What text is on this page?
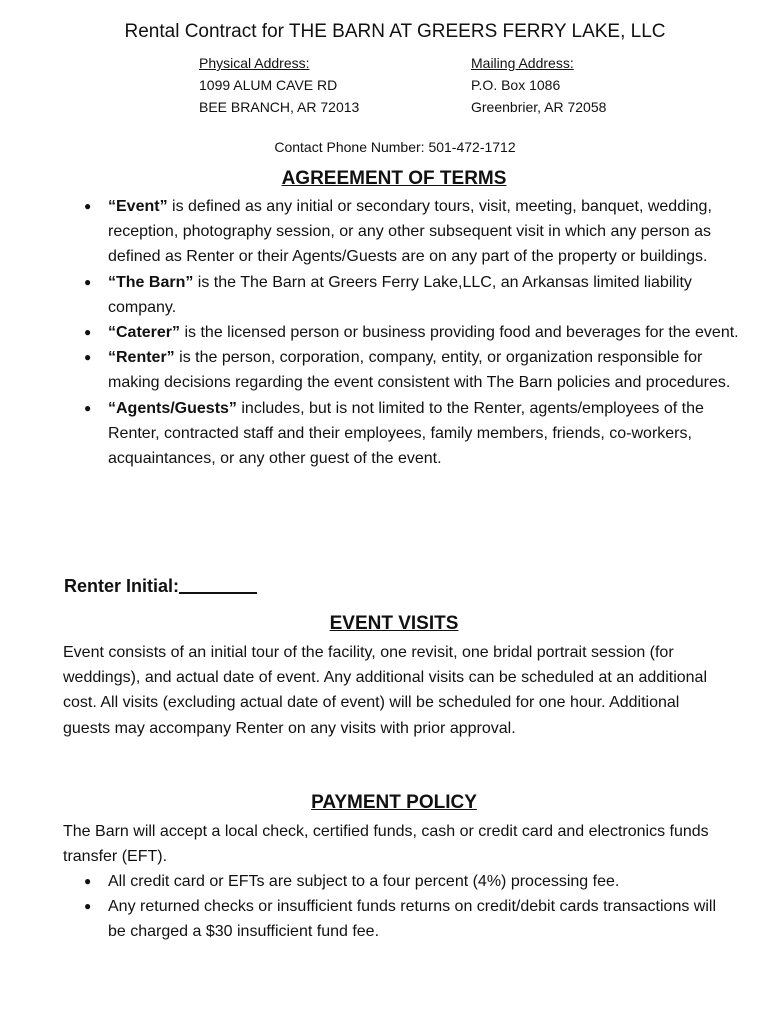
Rental Contract for THE BARN AT GREERS FERRY LAKE, LLC
Physical Address:
1099 ALUM CAVE RD
BEE BRANCH, AR 72013
Mailing Address:
P.O. Box 1086
Greenbrier, AR 72058
Contact Phone Number: 501-472-1712
AGREEMENT OF TERMS
● “Event” is defined as any initial or secondary tours, visit, meeting, banquet, wedding, reception, photography session, or any other subsequent visit in which any person as defined as Renter or their Agents/Guests are on any part of the property or buildings.
● “The Barn” is the The Barn at Greers Ferry Lake,LLC, an Arkansas limited liability company.
● “Caterer” is the licensed person or business providing food and beverages for the event.
● “Renter” is the person, corporation, company, entity, or organization responsible for making decisions regarding the event consistent with The Barn policies and procedures.
● “Agents/Guests” includes, but is not limited to the Renter, agents/employees of the Renter, contracted staff and their employees, family members, friends, co-workers, acquaintances, or any other guest of the event.
Renter Initial:
EVENT VISITS

Event consists of an initial tour of the facility, one revisit, one bridal portrait session (for weddings), and actual date of event. Any additional visits can be scheduled at an additional cost. All visits (excluding actual date of event) will be scheduled for one hour. Additional guests may accompany Renter on any visits with prior approval.

PAYMENT POLICY

The Barn will accept a local check, certified funds, cash or credit card and electronics funds transfer (EFT).

● All credit card or EFTs are subject to a four percent (4%) processing fee.
● Any returned checks or insufficient funds returns on credit/debit cards transactions will be charged a $30 insufficient fund fee.
